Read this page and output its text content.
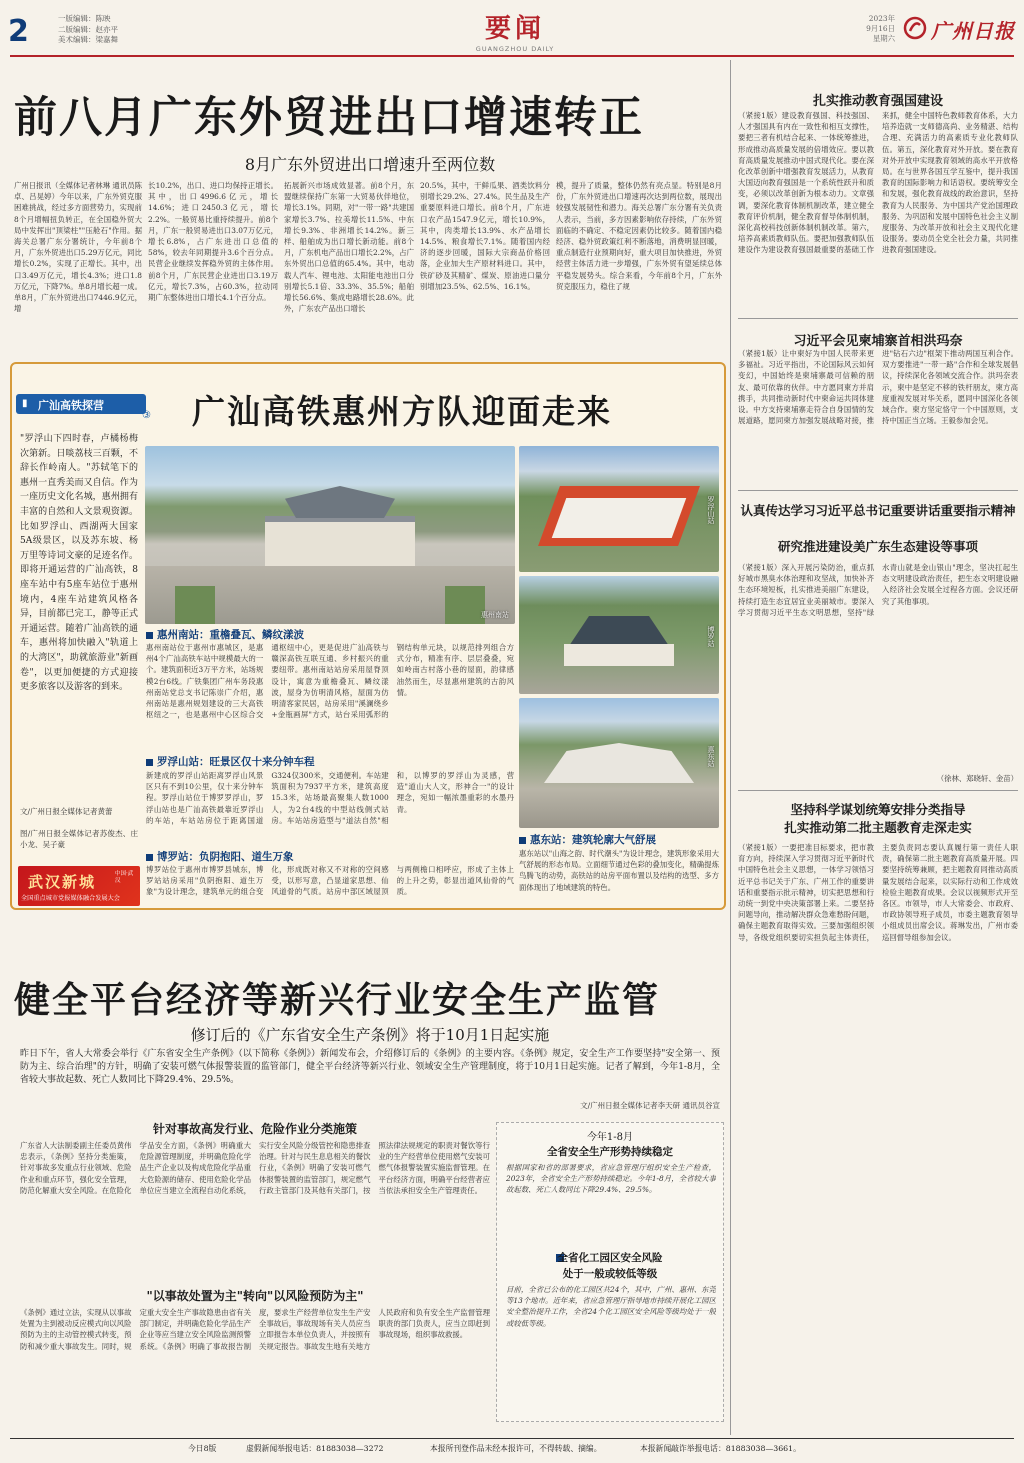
2	一版编辑：陈映
二版编辑：赵亦平
美术编辑：梁嘉舞	要闻
GUANGZHOU DAILY
2023年
9月16日
星期六 广州日报
前八月广东外贸进出口增速转正
8月广东外贸进出口增速升至两位数
广州日报讯（全媒体记者林琳 通讯员陈卓、吕晃婷）今年以来，广东外贸克服困难挑战，经过多方面营势力，实现前8个月增幅扭负转正，在全国稳外贸大局中发挥出"顶梁柱""压舱石"作用。据海关总署广东分署统计，今年前8个月，广东外贸进出口5.29万亿元，同比增长0.2%，实现了正增长。其中，出口3.49万亿元，增长4.3%；进口1.8万亿元，下降7%。单8月增长超一成。单8月，广东外贸进出口7446.9亿元，增
长10.2%，出口、进口均保持正增长。其中，出口4996.6亿元，增长14.6%；进口2450.3亿元，增长2.2%。一般贸易比重持续提升。前8个月，广东一般贸易进出口3.07万亿元，增长6.8%，占广东进出口总值的58%，较去年同期提升3.6个百分点。民营企业继续发挥稳外贸的主体作用。前8个月，广东民营企业进出口3.19万亿元，增长7.3%，占60.3%，拉动同期广东整体进出口增长4.1个百分点。
拓展新兴市场成效显著。前8个月，东盟继续保持广东第一大贸易伙伴地位，增长3.1%。同期，对"一带一路"共建国家增长3.7%、拉美增长11.5%、中东增长9.3%、非洲增长14.2%。新三样、船舶成为出口增长新动能。前8个月，广东机电产品出口增长2.2%，占广东外贸出口总值的65.4%。其中，电动载人汽车、锂电池、太阳能电池出口分别增长5.1倍、33.3%、35.5%；船舶增长56.6%、集成电路增长28.6%。此外，广东农产品出口增长
20.5%，其中，干鲜瓜果、酒类饮料分别增长29.2%、27.4%。民生品及生产重要原料进口增长。前8个月，广东进口农产品1547.9亿元，增长10.9%，其中，肉类增长13.9%、水产品增长14.5%、粮食增长7.1%。随着国内经济的逐步回暖，国际大宗商品价格回落，企业加大生产原材料进口。其中，铁矿砂及其精矿、煤炭、原油进口量分别增加23.5%、62.5%、16.1%。
模，提升了质量，整体仍然有亮点显。特别是8月份，广东外贸进出口增速再次达到两位数，展现出较强发展韧性和潜力。海关总署广东分署有关负责人表示，当前，多方因素影响依存持续，广东外贸面临的不确定、不稳定因素仍比较多。随着国内稳经济、稳外贸政策红利不断落地，消费明显回暖，重点制造行业预期向好，重大项目加快推进，外贸经营主体活力进一步增强，广东外贸有望延续总体平稳发展势头。综合来看，今年前8个月，广东外贸克服压力，稳住了规
扎实推动教育强国建设
（紧接1版）建设教育强国、科技强国、人才强国具有内在一致性和相互支撑性，要把三者有机结合起来、一体统筹推进，形成推动高质量发展的倍增效应。要以教育高质量发展推动中国式现代化。要在深化改革创新中增强教育发展活力，从教育大国迈向教育强国是一个系统性跃升和质变，必须以改革创新为根本动力。文章强调，要深化教育体制机制改革，建立健全教育评价机制，健全教育督导体制机制，深化高校科技创新体制机制改革。第六，培养高素质教师队伍。要把加强教师队伍建设作为建设教育强国最重要的基础工作来抓，健全中国特色教师教育体系，大力培养造就一支师德高尚、业务精湛、结构合理、充满活力的高素质专业化教师队伍。第五，深化教育对外开放。要在教育对外开放中实现教育领域的高水平开放格局。在与世界各国互学互鉴中，提升我国教育的国际影响力和话语权。要统筹安全和发展，强化教育战线的政治意识，坚持教育为人民服务、为中国共产党治国理政服务、为巩固和发展中国特色社会主义制度服务、为改革开放和社会主义现代化建设服务。要动员全党全社会力量，共同推进教育强国建设。
习近平会见柬埔寨首相洪玛奈
（紧接1版）让中柬好为中国人民带来更多福祉。习近平指出，不论国际风云如何变幻，中国始终是柬埔寨最可信赖的朋友、最可依靠的伙伴。中方愿同柬方并肩携手，共同推动新时代中柬命运共同体建设。中方支持柬埔寨走符合自身国情的发展道路，愿同柬方加强发展战略对接，推进"钻石六边"框架下推动两国互利合作。双方要推进"一带一路"合作和全球发展倡议，持续深化各领域交流合作。洪玛奈表示，柬中是坚定不移的铁杆朋友，柬方高度重视发展对华关系，愿同中国深化各领域合作。柬方坚定恪守一个中国原则，支持中国正当立场。王毅参加会见。
认真传达学习习近平总书记重要讲话重要指示精神
研究推进建设美广东生态建设等事项
（紧接1版）深入开展污染防治，重点抓好城市黑臭水体治理和攻坚战，加快补齐生态环境短板，扎实推进美丽广东建设，持续打造生态宜居宜业美丽城市。要深入学习贯彻习近平生态文明思想，坚持"绿水青山就是金山银山"理念，坚决扛起生态文明建设政治责任，把生态文明建设融入经济社会发展全过程各方面。会议还研究了其他事项。
（徐林、郑晓轩、金苗）
坚持科学谋划统筹安排分类指导
扎实推动第二批主题教育走深走实
（紧接1版）一要把准目标要求，把市教育方向，持续深入学习贯彻习近平新时代中国特色社会主义思想，一体学习领悟习近平总书记关于广东、广州工作的重要讲话和重要指示批示精神，切实把思想和行动统一到党中央决策部署上来。二要坚持问题导向，推动解决群众急难愁盼问题，确保主题教育取得实效。三要加强组织领导，各级党组织要切实担负起主体责任，主要负责同志要认真履行第一责任人职责，确保第二批主题教育高质量开展。四要坚持统筹兼顾，把主题教育同推动高质量发展结合起来，以实际行动和工作成效检验主题教育成果。会议以视频形式开至各区。市领导，市人大常委会、市政府、市政协领导班子成员，市委主题教育领导小组成员出席会议。蒋琳发出，广州市委巡回督导组参加会议。
▮ 广汕高铁探营
③ 广汕高铁惠州方队迎面走来
"罗浮山下四时春，卢橘杨梅次第新。日啖荔枝三百颗，不辞长作岭南人。"苏轼笔下的惠州一直秀美而又自信。作为一座历史文化名城，惠州拥有丰富的自然和人文景观资源。比如罗浮山、西湖两大国家5A级景区，以及苏东坡、杨万里等诗词文豪的足迹名作。即将开通运营的广汕高铁，8座车站中有5座车站位于惠州境内，4座车站建筑风格各异，目前都已完工，静等正式开通运营。随着广汕高铁的通车，惠州将加快融入"轨道上的大湾区"，助就旅游业"新画卷"，以更加便捷的方式迎接更多旅客以及游客的到来。
文/广州日报全媒体记者黄蕾
图/广州日报全媒体记者苏俊杰、庄小龙、吴子豪
武汉新城	中国·武汉
全国重点城市党报媒体融合发展大会
惠州南站
罗浮山站
博罗站
惠东站
惠州南站：重檐叠瓦、鳞纹漾波
惠州南站位于惠州市惠城区，是惠州4个广汕高铁车站中规模最大的一个。建筑面积近3万平方米，站场规模2台6线。广铁集团广州车务段惠州南站党总支书记陈崇广介绍，惠州南站是惠州规划建设的三大高铁枢纽之一，也是惠州中心区综合交通枢纽中心，更是促进广汕高铁与赣深高铁互联互通、乡村振兴的重要纽带。惠州南站站房采用屋脊顶设计，寓意为重檐叠瓦、鳞纹漾波，屋身为仿明清风格，屋面为仿明清客家民居，站房采用"溪澜绕乡+金瓶画屏"方式，站台采用弧形的钢结构单元块，以规范排列组合方式分布，精准有序、层层叠叠，宛如岭南古村落小巷的屋面，韵律感油然而生，尽显惠州建筑的古韵风情。
罗浮山站：旺景区仅十来分钟车程
新建成的罗浮山站距离罗浮山风景区只有不到10公里，仅十来分钟车程。罗浮山站位于博罗罗浮山，罗浮山站也是广汕高铁最靠近罗浮山的车站，车站站房位于距离国道G324仅300米，交通便利。车站建筑面积为7937平方米，建筑高度15.3米，站场最高聚集人数1000人，为2台4线的中型站线侧式站房。车站站房造型与"道法自然"相和，以博罗的罗浮山为灵感，营造"道山大人文，形神合一"的设计理念，宛如一幅浓墨重彩的水墨丹青。
博罗站：负阴抱阳、道生万象
博罗站位于惠州市博罗县城东，博罗站站房采用"负阴抱阳、道生万象"为设计理念，建筑单元的组合变化，形成既对称又不对称的空间感受，以形写意，凸显道家思想、仙风道骨的气质。站房中部区域屋顶与两侧檐口相呼应，形成了主体上的上升之势，彰显出道风仙骨的气质。
惠东站：建筑轮廓大气舒展
惠东站以"山海之韵、时代潮头"为设计理念，建筑形象采用大气舒展的形态布局。立面细节通过色彩的叠加变化，精确提炼鸟腾飞的动势，高铁站的站房平面布置以及结构的选型、多方面体现出了地域建筑的特色。
健全平台经济等新兴行业安全生产监管
修订后的《广东省安全生产条例》将于10月1日起实施
昨日下午，省人大常委会举行《广东省安全生产条例》（以下简称《条例》）新闻发布会，介绍修订后的《条例》的主要内容。《条例》规定，安全生产工作要坚持"安全第一、预防为主、综合治理"的方针，明确了安装可燃气体报警装置的监管部门，健全平台经济等新兴行业、领域安全生产管理制度，将于10月1日起实施。记者了解到，今年1-8月，全省较大事故起数、死亡人数同比下降29.4%、29.5%。
文/广州日报全媒体记者李天研 通讯员谷宣
针对事故高发行业、危险作业分类施策
广东省人大法制委副主任委员黄伟忠表示，《条例》坚持分类施策，针对事故多发重点行业领域、危险作业和重点环节，强化安全管理，防范化解重大安全风险。在危险化学品安全方面，《条例》明确重大危险源管理制度，并明确危险化学品生产企业以及构成危险化学品重大危险源的储存、使用危险化学品单位应当建立全流程自动化系统，实行安全风险分级管控和隐患排查治理。针对与民生息息相关的餐饮行业，《条例》明确了安装可燃气体报警装置的监管部门，规定燃气行政主管部门及其他有关部门，按照法律法规规定的职责对餐饮等行业的生产经营单位使用燃气安装可燃气体报警装置实施监督管理。在平台经济方面，明确平台经营者应当依法承担安全生产管理责任。
"以事故处置为主"转向"以风险预防为主"
《条例》通过立法，实现从以事故处置为主到被动反应模式向以风险预防为主的主动管控模式转变，预防和减少重大事故发生。同时，规定重大安全生产事故隐患由省有关部门制定，并明确危险化学品生产企业等应当建立安全风险监测预警系统。《条例》明确了事故报告制度，要求生产经营单位发生生产安全事故后，事故现场有关人员应当立即报告本单位负责人，并按照有关规定报告。事故发生地有关地方人民政府和负有安全生产监督管理职责的部门负责人，应当立即赶到事故现场，组织事故救援。
今年1-8月
全省安全生产形势持续稳定
根据国家和省的部署要求，省应急管理厅组织安全生产检查，2023年，全省安全生产形势持续稳定。今年1-8月，全省较大事故起数、死亡人数同比下降29.4%、29.5%。
全省化工园区安全风险
处于一般或较低等级
目前，全省已公布的化工园区共24个，其中，广州、惠州、东莞等13个地市。近年来，省应急管理厅指导地市持续开展化工园区安全整治提升工作，全省24个化工园区安全风险等级均处于一般或较低等级。
今日8版	虚假新闻举报电话：81883038—3272	本报所刊登作品未经本报许可，不得转载、摘编。	本报新闻敲诈举报电话：81883038—3661。
